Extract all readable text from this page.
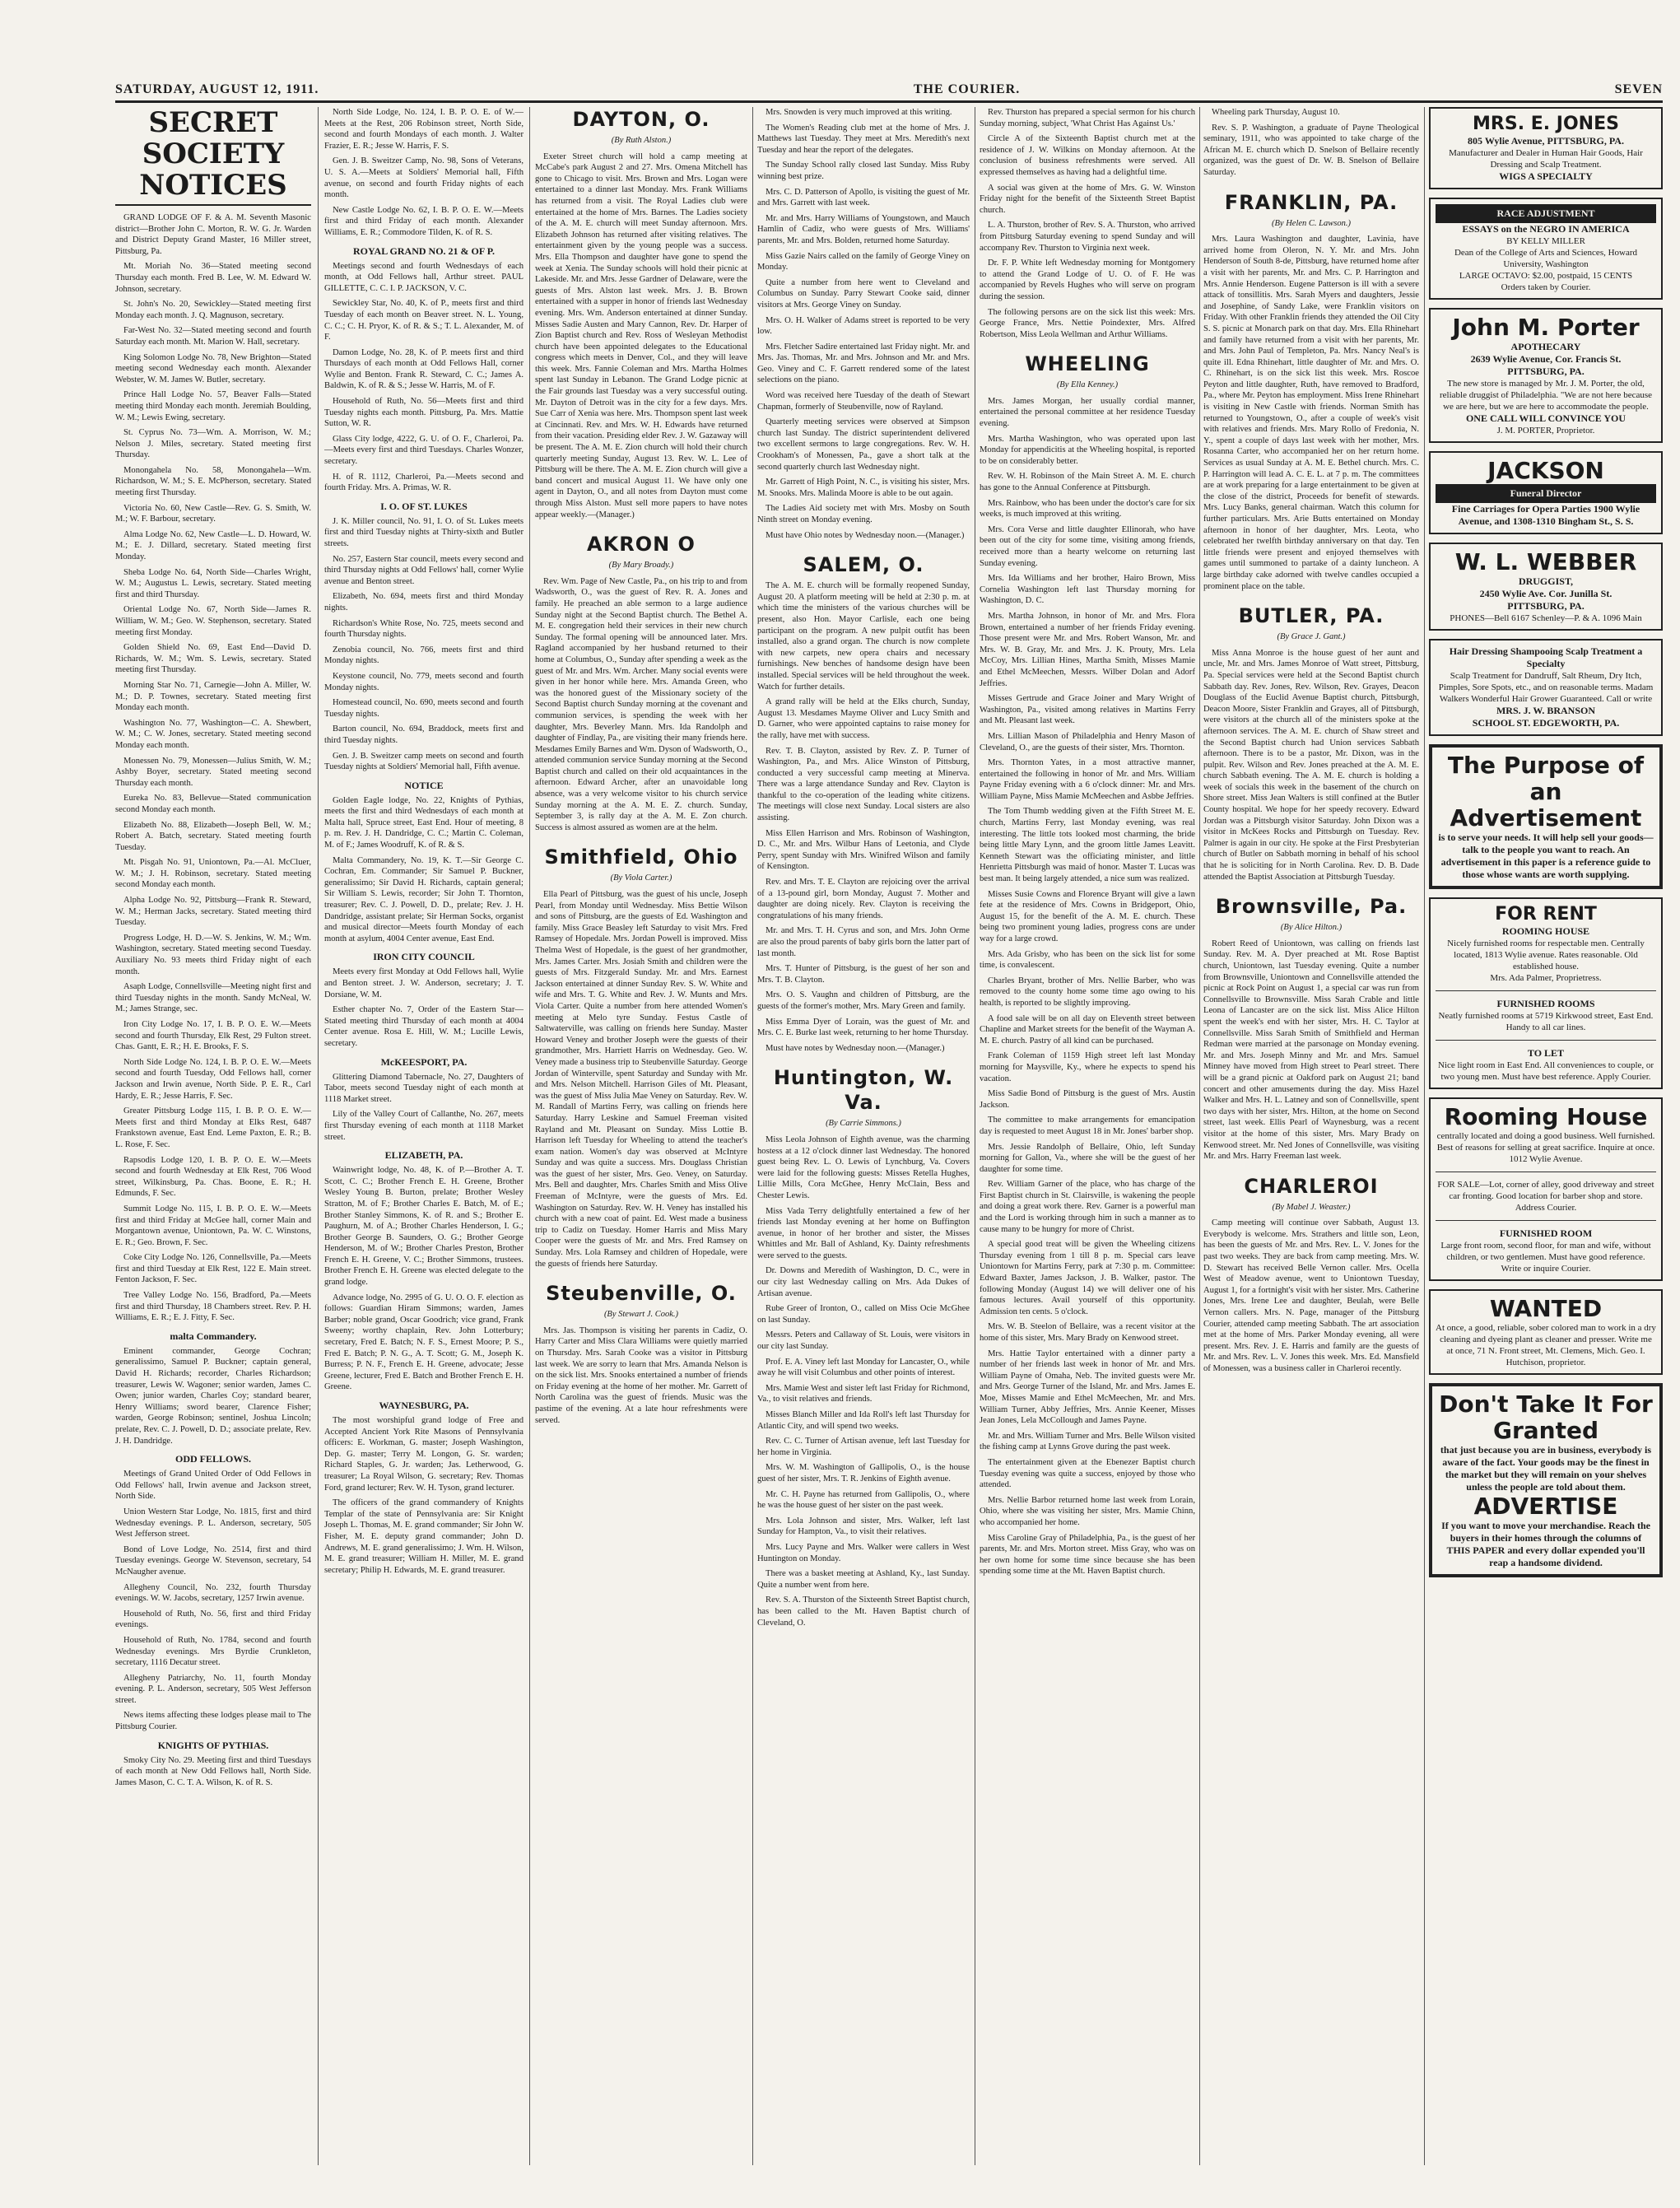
SATURDAY, AUGUST 12, 1911.	THE COURIER.	SEVEN
SECRET SOCIETY NOTICES

GRAND LODGE OF F. & A. M. Seventh Masonic district—Brother John C. Morton, R. W. G. Jr. Warden and District Deputy Grand Master, 16 Miller street, Pittsburg, Pa.

Mt. Moriah No. 36—Stated meeting second Thursday each month. Fred B. Lee, W. M. Edward W. Johnson, secretary.

St. John's No. 20, Sewickley—Stated meeting first Monday each month. J. Q. Magnuson, secretary.

Far-West No. 32—Stated meeting second and fourth Saturday each month. Mt. Marion W. Hall, secretary.

King Solomon Lodge No. 78, New Brighton—Stated meeting second Wednesday each month. Alexander Webster, W. M. James W. Butler, secretary.

Prince Hall Lodge No. 57, Beaver Falls—Stated meeting third Monday each month. Jeremiah Boulding, W. M.; Lewis Ewing, secretary.

St. Cyprus No. 73—Wm. A. Morrison, W. M.; Nelson J. Miles, secretary. Stated meeting first Thursday.

Monongahela No. 58, Monongahela—Wm. Richardson, W. M.; S. E. McPherson, secretary. Stated meeting first Thursday.

Victoria No. 60, New Castle—Rev. G. S. Smith, W. M.; W. F. Barbour, secretary.

Alma Lodge No. 62, New Castle—L. D. Howard, W. M.; E. J. Dillard, secretary. Stated meeting first Monday.

Sheba Lodge No. 64, North Side—Charles Wright, W. M.; Augustus L. Lewis, secretary. Stated meeting first and third Thursday.

Oriental Lodge No. 67, North Side—James R. William, W. M.; Geo. W. Stephenson, secretary. Stated meeting first Monday.

Golden Shield No. 69, East End—David D. Richards, W. M.; Wm. S. Lewis, secretary. Stated meeting first Thursday.

Morning Star No. 71, Carnegie—John A. Miller, W. M.; D. P. Townes, secretary. Stated meeting first Monday each month.

Washington No. 77, Washington—C. A. Shewbert, W. M.; C. W. Jones, secretary. Stated meeting second Monday each month.

Monessen No. 79, Monessen—Julius Smith, W. M.; Ashby Boyer, secretary. Stated meeting second Thursday each month.

Eureka No. 83, Bellevue—Stated communication second Monday each month.

Elizabeth No. 88, Elizabeth—Joseph Bell, W. M.; Robert A. Batch, secretary. Stated meeting fourth Tuesday.

Mt. Pisgah No. 91, Uniontown, Pa.—Al. McCluer, W. M.; J. H. Robinson, secretary. Stated meeting second Monday each month.

Alpha Lodge No. 92, Pittsburg—Frank R. Steward, W. M.; Herman Jacks, secretary. Stated meeting third Tuesday.

Progress Lodge, H. D.—W. S. Jenkins, W. M.; Wm. Washington, secretary. Stated meeting second Tuesday. Auxiliary No. 93 meets third Friday night of each month.

Asaph Lodge, Connellsville—Meeting night first and third Tuesday nights in the month. Sandy McNeal, W. M.; James Strange, sec.

Iron City Lodge No. 17, I. B. P. O. E. W.—Meets second and fourth Thursday, Elk Rest, 29 Fulton street. Chas. Gantt, E. R.; H. E. Brooks, F. S.

North Side Lodge No. 124, I. B. P. O. E. W.—Meets second and fourth Tuesday, Odd Fellows hall, corner Jackson and Irwin avenue, North Side. P. E. R., Carl Hardy, E. R.; Jesse Harris, F. Sec.

Greater Pittsburg Lodge 115, I. B. P. O. E. W.—Meets first and third Monday at Elks Rest, 6487 Frankstown avenue, East End. Leme Paxton, E. R.; B. L. Rose, F. Sec.

Rapsodis Lodge 120, I. B. P. O. E. W.—Meets second and fourth Wednesday at Elk Rest, 706 Wood street, Wilkinsburg, Pa. Chas. Boone, E. R.; H. Edmunds, F. Sec.

Summit Lodge No. 115, I. B. P. O. E. W.—Meets first and third Friday at McGee hall, corner Main and Morgantown avenue, Uniontown, Pa. W. C. Winstons, E. R.; Geo. Brown, F. Sec.

Coke City Lodge No. 126, Connellsville, Pa.—Meets first and third Tuesday at Elk Rest, 122 E. Main street. Fenton Jackson, F. Sec.

Tree Valley Lodge No. 156, Bradford, Pa.—Meets first and third Thursday, 18 Chambers street. Rev. P. H. Williams, E. R.; E. J. Fitty, F. Sec.

malta Commandery.

Eminent commander, George Cochran; generalissimo, Samuel P. Buckner; captain general, David H. Richards; recorder, Charles Richardson; treasurer, Lewis W. Wagoner; senior warden, James C. Owen; junior warden, Charles Coy; standard bearer, Henry Williams; sword bearer, Clarence Fisher; warden, George Robinson; sentinel, Joshua Lincoln; prelate, Rev. C. J. Powell, D. D.; associate prelate, Rev. J. H. Dandridge.

ODD FELLOWS.

Meetings of Grand United Order of Odd Fellows in Odd Fellows' hall, Irwin avenue and Jackson street, North Side.

Union Western Star Lodge, No. 1815, first and third Wednesday evenings. P. L. Anderson, secretary, 505 West Jefferson street.

Bond of Love Lodge, No. 2514, first and third Tuesday evenings. George W. Stevenson, secretary, 54 McNaugher avenue.

Allegheny Council, No. 232, fourth Thursday evenings. W. W. Jacobs, secretary, 1257 Irwin avenue.

Household of Ruth, No. 56, first and third Friday evenings.

Household of Ruth, No. 1784, second and fourth Wednesday evenings. Mrs Byrdie Crunkleton, secretary, 1116 Decatur street.

Allegheny Patriarchy, No. 11, fourth Monday evening. P. L. Anderson, secretary, 505 West Jefferson street.

News items affecting these lodges please mail to The Pittsburg Courier.

KNIGHTS OF PYTHIAS.

Smoky City No. 29. Meeting first and third Tuesdays of each month at New Odd Fellows hall, North Side. James Mason, C. C. T. A. Wilson, K. of R. S.

North Side Lodge, No. 124, I. B. P. O. E. of W.—Meets at the Rest, 206 Robinson street, North Side, second and fourth Mondays of each month. J. Walter Frazier, E. R.; Jesse W. Harris, F. S.

Gen. J. B. Sweitzer Camp, No. 98, Sons of Veterans, U. S. A.—Meets at Soldiers' Memorial hall, Fifth avenue, on second and fourth Friday nights of each month.

New Castle Lodge No. 62, I. B. P. O. E. W.—Meets first and third Friday of each month. Alexander Williams, E. R.; Commodore Tilden, K. of R. S.

ROYAL GRAND NO. 21 & OF P.

Meetings second and fourth Wednesdays of each month, at Odd Fellows hall, Arthur street. PAUL GILLETTE, C. C. I. P. JACKSON, V. C.

Sewickley Star, No. 40, K. of P., meets first and third Tuesday of each month on Beaver street. N. L. Young, C. C.; C. H. Pryor, K. of R. & S.; T. L. Alexander, M. of F.

Damon Lodge, No. 28, K. of P. meets first and third Thursdays of each month at Odd Fellows Hall, corner Wylie and Benton. Frank R. Steward, C. C.; James A. Baldwin, K. of R. & S.; Jesse W. Harris, M. of F.

Household of Ruth, No. 56—Meets first and third Tuesday nights each month. Pittsburg, Pa. Mrs. Mattie Sutton, W. R.

Glass City lodge, 4222, G. U. of O. F., Charleroi, Pa.—Meets every first and third Tuesdays. Charles Wonzer, secretary.

H. of R. 1112, Charleroi, Pa.—Meets second and fourth Friday. Mrs. A. Primas, W. R.

I. O. OF ST. LUKES

J. K. Miller council, No. 91, I. O. of St. Lukes meets first and third Tuesday nights at Thirty-sixth and Butler streets.

No. 257, Eastern Star council, meets every second and third Thursday nights at Odd Fellows' hall, corner Wylie avenue and Benton street.

Elizabeth, No. 694, meets first and third Monday nights.

Richardson's White Rose, No. 725, meets second and fourth Thursday nights.

Zenobia council, No. 766, meets first and third Monday nights.

Keystone council, No. 779, meets second and fourth Monday nights.

Homestead council, No. 690, meets second and fourth Tuesday nights.

Barton council, No. 694, Braddock, meets first and third Tuesday nights.

Gen. J. B. Sweitzer camp meets on second and fourth Tuesday nights at Soldiers' Memorial hall, Fifth avenue.

NOTICE

Golden Eagle lodge, No. 22, Knights of Pythias, meets the first and third Wednesdays of each month at Malta hall, Spruce street, East End. Hour of meeting, 8 p. m. Rev. J. H. Dandridge, C. C.; Martin C. Coleman, M. of F.; James Woodruff, K. of R. & S.

Malta Commandery, No. 19, K. T.—Sir George C. Cochran, Em. Commander; Sir Samuel P. Buckner, generalissimo; Sir David H. Richards, captain general; Sir William S. Lewis, recorder; Sir John T. Thornton, treasurer; Rev. C. J. Powell, D. D., prelate; Rev. J. H. Dandridge, assistant prelate; Sir Herman Socks, organist and musical director—Meets fourth Monday of each month at asylum, 4004 Center avenue, East End.

IRON CITY COUNCIL

Meets every first Monday at Odd Fellows hall, Wylie and Benton street. J. W. Anderson, secretary; J. T. Dorsiane, W. M.

Esther chapter No. 7, Order of the Eastern Star—Stated meeting third Thursday of each month at 4004 Center avenue. Rosa E. Hill, W. M.; Lucille Lewis, secretary.

McKEESPORT, PA.

Glittering Diamond Tabernacle, No. 27, Daughters of Tabor, meets second Tuesday night of each month at 1118 Market street.

Lily of the Valley Court of Callanthe, No. 267, meets first Thursday evening of each month at 1118 Market street.

ELIZABETH, PA.

Wainwright lodge, No. 48, K. of P.—Brother A. T. Scott, C. C.; Brother French E. H. Greene, Brother Wesley Young B. Burton, prelate; Brother Wesley Stratton, M. of F.; Brother Charles E. Batch, M. of E.; Brother Stanley Simmons, K. of R. and S.; Brother E. Paughurn, M. of A.; Brother Charles Henderson, I. G.; Brother George B. Saunders, O. G.; Brother George Henderson, M. of W.; Brother Charles Preston, Brother French E. H. Greene, V. C.; Brother Simmons, trustees. Brother French E. H. Greene was elected delegate to the grand lodge.

Advance lodge, No. 2995 of G. U. O. O. F. election as follows: Guardian Hiram Simmons; warden, James Barber; noble grand, Oscar Goodrich; vice grand, Frank Sweeny; worthy chaplain, Rev. John Lotterbury; secretary, Fred E. Batch; N. F. S., Ernest Moore; P. S., Fred E. Batch; P. N. G., A. T. Scott; G. M., Joseph K. Burress; P. N. F., French E. H. Greene, advocate; Jesse Greene, lecturer, Fred E. Batch and Brother French E. H. Greene.

WAYNESBURG, PA.

The most worshipful grand lodge of Free and Accepted Ancient York Rite Masons of Pennsylvania officers: E. Workman, G. master; Joseph Washington, Dep. G. master; Terry M. Longon, G. Sr. warden; Richard Staples, G. Jr. warden; Jas. Letherwood, G. treasurer; La Royal Wilson, G. secretary; Rev. Thomas Ford, grand lecturer; Rev. W. H. Tyson, grand lecturer.

The officers of the grand commandery of Knights Templar of the state of Pennsylvania are: Sir Knight Joseph L. Thomas, M. E. grand commander; Sir John W. Fisher, M. E. deputy grand commander; John D. Andrews, M. E. grand generalissimo; J. Wm. H. Wilson, M. E. grand treasurer; William H. Miller, M. E. grand secretary; Philip H. Edwards, M. E. grand treasurer.

DAYTON, O.
(By Ruth Alston.)

Exeter Street church will hold a camp meeting at McCabe's park August 2 and 27. Mrs. Omena Mitchell has gone to Chicago to visit. Mrs. Brown and Mrs. Logan were entertained to a dinner last Monday. Mrs. Frank Williams has returned from a visit. The Royal Ladies club were entertained at the home of Mrs. Barnes. The Ladies society of the A. M. E. church will meet Sunday afternoon. Mrs. Elizabeth Johnson has returned after visiting relatives. The entertainment given by the young people was a success. Mrs. Ella Thompson and daughter have gone to spend the week at Xenia. The Sunday schools will hold their picnic at Lakeside. Mr. and Mrs. Jesse Gardner of Delaware, were the guests of Mrs. Alston last week. Mrs. J. B. Brown entertained with a supper in honor of friends last Wednesday evening. Mrs. Wm. Anderson entertained at dinner Sunday. Misses Sadie Austen and Mary Cannon, Rev. Dr. Harper of Zion Baptist church and Rev. Ross of Wesleyan Methodist church have been appointed delegates to the Educational congress which meets in Denver, Col., and they will leave this week. Mrs. Fannie Coleman and Mrs. Martha Holmes spent last Sunday in Lebanon. The Grand Lodge picnic at the Fair grounds last Tuesday was a very successful outing. Mr. Dayton of Detroit was in the city for a few days. Mrs. Sue Carr of Xenia was here. Mrs. Thompson spent last week at Cincinnati. Rev. and Mrs. W. H. Edwards have returned from their vacation. Presiding elder Rev. J. W. Gazaway will be present. The A. M. E. Zion church will hold their church quarterly meeting Sunday, August 13. Rev. W. L. Lee of Pittsburg will be there. The A. M. E. Zion church will give a band concert and musical August 11. We have only one agent in Dayton, O., and all notes from Dayton must come through Miss Alston. Must sell more papers to have notes appear weekly.—(Manager.)

AKRON O
(By Mary Broady.)

Rev. Wm. Page of New Castle, Pa., on his trip to and from Wadsworth, O., was the guest of Rev. R. A. Jones and family. He preached an able sermon to a large audience Sunday night at the Second Baptist church. The Bethel A. M. E. congregation held their services in their new church Sunday. The formal opening will be announced later. Mrs. Ragland accompanied by her husband returned to their home at Columbus, O., Sunday after spending a week as the guest of Mr. and Mrs. Wm. Archer. Many social events were given in her honor while here. Mrs. Amanda Green, who was the honored guest of the Missionary society of the Second Baptist church Sunday morning at the covenant and communion services, is spending the week with her daughter, Mrs. Beverley Mann. Mrs. Ida Randolph and daughter of Findlay, Pa., are visiting their many friends here. Mesdames Emily Barnes and Wm. Dyson of Wadsworth, O., attended communion service Sunday morning at the Second Baptist church and called on their old acquaintances in the afternoon. Edward Archer, after an unavoidable long absence, was a very welcome visitor to his church service Sunday morning at the A. M. E. Z. church. Sunday, September 3, is rally day at the A. M. E. Zon church. Success is almost assured as women are at the helm.

Smithfield, Ohio
(By Viola Carter.)

Ella Pearl of Pittsburg, was the guest of his uncle, Joseph Pearl, from Monday until Wednesday. Miss Bettie Wilson and sons of Pittsburg, are the guests of Ed. Washington and family. Miss Grace Beasley left Saturday to visit Mrs. Fred Ramsey of Hopedale. Mrs. Jordan Powell is improved. Miss Thelma West of Hopedale, is the guest of her grandmother, Mrs. James Carter. Mrs. Josiah Smith and children were the guests of Mrs. Fitzgerald Sunday. Mr. and Mrs. Earnest Jackson entertained at dinner Sunday Rev. S. W. White and wife and Mrs. T. G. White and Rev. J. W. Munts and Mrs. Viola Carter. Quite a number from here attended Women's meeting at Melo tyre Sunday. Festus Castle of Saltwaterville, was calling on friends here Sunday. Master Howard Veney and brother Joseph were the guests of their grandmother, Mrs. Harriett Harris on Wednesday. Geo. W. Veney made a business trip to Steubenville Saturday. George Jordan of Winterville, spent Saturday and Sunday with Mr. and Mrs. Nelson Mitchell. Harrison Giles of Mt. Pleasant, was the guest of Miss Julia Mae Veney on Saturday. Rev. W. M. Randall of Martins Ferry, was calling on friends here Saturday. Harry Leskine and Samuel Freeman visited Rayland and Mt. Pleasant on Sunday. Miss Lottie B. Harrison left Tuesday for Wheeling to attend the teacher's exam nation. Women's day was observed at McIntyre Sunday and was quite a success. Mrs. Douglass Christian was the guest of her sister, Mrs. Geo. Veney, on Saturday. Mrs. Bell and daughter, Mrs. Charles Smith and Miss Olive Freeman of McIntyre, were the guests of Mrs. Ed. Washington on Saturday. Rev. W. H. Veney has installed his church with a new coat of paint. Ed. West made a business trip to Cadiz on Tuesday. Homer Harris and Miss Mary Cooper were the guests of Mr. and Mrs. Fred Ramsey on Sunday. Mrs. Lola Ramsey and children of Hopedale, were the guests of friends here Saturday.

Steubenville, O.
(By Stewart J. Cook.)

Mrs. Jas. Thompson is visiting her parents in Cadiz, O. Harry Carter and Miss Clara Williams were quietly married on Thursday. Mrs. Sarah Cooke was a visitor in Pittsburg last week. We are sorry to learn that Mrs. Amanda Nelson is on the sick list. Mrs. Snooks entertained a number of friends on Friday evening at the home of her mother. Mr. Garrett of North Carolina was the guest of friends. Music was the pastime of the evening. At a late hour refreshments were served.

Mrs. Snowden is very much improved at this writing.

The Women's Reading club met at the home of Mrs. J. Matthews last Tuesday. They meet at Mrs. Meredith's next Tuesday and hear the report of the delegates.

The Sunday School rally closed last Sunday. Miss Ruby winning best prize.

Mrs. C. D. Patterson of Apollo, is visiting the guest of Mr. and Mrs. Garrett with last week.

Mr. and Mrs. Harry Williams of Youngstown, and Mauch Hamlin of Cadiz, who were guests of Mrs. Williams' parents, Mr. and Mrs. Bolden, returned home Saturday.

Miss Gazie Nairs called on the family of George Viney on Monday.

Quite a number from here went to Cleveland and Columbus on Sunday. Parry Stewart Cooke said, dinner visitors at Mrs. George Viney on Sunday.

Mrs. O. H. Walker of Adams street is reported to be very low.

Mrs. Fletcher Sadire entertained last Friday night. Mr. and Mrs. Jas. Thomas, Mr. and Mrs. Johnson and Mr. and Mrs. Geo. Viney and C. F. Garrett rendered some of the latest selections on the piano.

Word was received here Tuesday of the death of Stewart Chapman, formerly of Steubenville, now of Rayland.

Quarterly meeting services were observed at Simpson church last Sunday. The district superintendent delivered two excellent sermons to large congregations. Rev. W. H. Crookham's of Monessen, Pa., gave a short talk at the second quarterly church last Wednesday night.

Mr. Garrett of High Point, N. C., is visiting his sister, Mrs. M. Snooks. Mrs. Malinda Moore is able to be out again.

The Ladies Aid society met with Mrs. Mosby on South Ninth street on Monday evening.

Must have Ohio notes by Wednesday noon.—(Manager.)

SALEM, O.

The A. M. E. church will be formally reopened Sunday, August 20. A platform meeting will be held at 2:30 p. m. at which time the ministers of the various churches will be present, also Hon. Mayor Carlisle, each one being participant on the program. A new pulpit outfit has been installed, also a grand organ. The church is now complete with new carpets, new opera chairs and necessary furnishings. New benches of handsome design have been installed. Special services will be held throughout the week. Watch for further details.

A grand rally will be held at the Elks church, Sunday, August 13. Mesdames Mayme Oliver and Lucy Smith and D. Garner, who were appointed captains to raise money for the rally, have met with success.

Rev. T. B. Clayton, assisted by Rev. Z. P. Turner of Washington, Pa., and Mrs. Alice Winston of Pittsburg, conducted a very successful camp meeting at Minerva. There was a large attendance Sunday and Rev. Clayton is thankful to the co-operation of the leading white citizens. The meetings will close next Sunday. Local sisters are also assisting.

Miss Ellen Harrison and Mrs. Robinson of Washington, D. C., Mr. and Mrs. Wilbur Hans of Leetonia, and Clyde Perry, spent Sunday with Mrs. Winifred Wilson and family of Kensington.

Rev. and Mrs. T. E. Clayton are rejoicing over the arrival of a 13-pound girl, born Monday, August 7. Mother and daughter are doing nicely. Rev. Clayton is receiving the congratulations of his many friends.

Mr. and Mrs. T. H. Cyrus and son, and Mrs. John Orme are also the proud parents of baby girls born the latter part of last month.

Mrs. T. Hunter of Pittsburg, is the guest of her son and Mrs. T. B. Clayton.

Mrs. O. S. Vaughn and children of Pittsburg, are the guests of the former's mother, Mrs. Mary Green and family.

Miss Emma Dyer of Lorain, was the guest of Mr. and Mrs. C. E. Burke last week, returning to her home Thursday.

Must have notes by Wednesday noon.—(Manager.)

Huntington, W. Va.
(By Carrie Simmons.)

Miss Leola Johnson of Eighth avenue, was the charming hostess at a 12 o'clock dinner last Wednesday. The honored guest being Rev. L. O. Lewis of Lynchburg, Va. Covers were laid for the following guests: Misses Retella Hughes, Lillie Mills, Cora McGhee, Henry McClain, Bess and Chester Lewis.

Miss Vada Terry delightfully entertained a few of her friends last Monday evening at her home on Buffington avenue, in honor of her brother and sister, the Misses Whittles and Mr. Ball of Ashland, Ky. Dainty refreshments were served to the guests.

Dr. Downs and Meredith of Washington, D. C., were in our city last Wednesday calling on Mrs. Ada Dukes of Artisan avenue.

Rube Greer of Ironton, O., called on Miss Ocie McGhee on last Sunday.

Messrs. Peters and Callaway of St. Louis, were visitors in our city last Sunday.

Prof. E. A. Viney left last Monday for Lancaster, O., while away he will visit Columbus and other points of interest.

Mrs. Mamie West and sister left last Friday for Richmond, Va., to visit relatives and friends.

Misses Blanch Miller and Ida Roll's left last Thursday for Atlantic City, and will spend two weeks.

Rev. C. C. Turner of Artisan avenue, left last Tuesday for her home in Virginia.

Mrs. W. M. Washington of Gallipolis, O., is the house guest of her sister, Mrs. T. R. Jenkins of Eighth avenue.

Mr. C. H. Payne has returned from Gallipolis, O., where he was the house guest of her sister on the past week.

Mrs. Lola Johnson and sister, Mrs. Walker, left last Sunday for Hampton, Va., to visit their relatives.

Mrs. Lucy Payne and Mrs. Walker were callers in West Huntington on Monday.

There was a basket meeting at Ashland, Ky., last Sunday. Quite a number went from here.

Rev. S. A. Thurston of the Sixteenth Street Baptist church, has been called to the Mt. Haven Baptist church of Cleveland, O.

Rev. Thurston has prepared a special sermon for his church Sunday morning, subject, 'What Christ Has Against Us.'

Circle A of the Sixteenth Baptist church met at the residence of J. W. Wilkins on Monday afternoon. At the conclusion of business refreshments were served. All expressed themselves as having had a delightful time.

A social was given at the home of Mrs. G. W. Winston Friday night for the benefit of the Sixteenth Street Baptist church.

L. A. Thurston, brother of Rev. S. A. Thurston, who arrived from Pittsburg Saturday evening to spend Sunday and will accompany Rev. Thurston to Virginia next week.

Dr. F. P. White left Wednesday morning for Montgomery to attend the Grand Lodge of U. O. of F. He was accompanied by Revels Hughes who will serve on program during the session.

The following persons are on the sick list this week: Mrs. George France, Mrs. Nettie Poindexter, Mrs. Alfred Robertson, Miss Leola Wellman and Arthur Williams.

WHEELING
(By Ella Kenney.)

Mrs. James Morgan, her usually cordial manner, entertained the personal committee at her residence Tuesday evening.

Mrs. Martha Washington, who was operated upon last Monday for appendicitis at the Wheeling hospital, is reported to be on considerably better.

Rev. W. H. Robinson of the Main Street A. M. E. church has gone to the Annual Conference at Pittsburgh.

Mrs. Rainbow, who has been under the doctor's care for six weeks, is much improved at this writing.

Mrs. Cora Verse and little daughter Ellinorah, who have been out of the city for some time, visiting among friends, received more than a hearty welcome on returning last Sunday evening.

Mrs. Ida Williams and her brother, Hairo Brown, Miss Cornelia Washington left last Thursday morning for Washington, D. C.

Mrs. Martha Johnson, in honor of Mr. and Mrs. Flora Brown, entertained a number of her friends Friday evening. Those present were Mr. and Mrs. Robert Wanson, Mr. and Mrs. W. B. Gray, Mr. and Mrs. J. K. Prouty, Mrs. Lela McCoy, Mrs. Lillian Hines, Martha Smith, Misses Mamie and Ethel McMeechen, Messrs. Wilber Dolan and Adorf Jeffries.

Misses Gertrude and Grace Joiner and Mary Wright of Washington, Pa., visited among relatives in Martins Ferry and Mt. Pleasant last week.

Mrs. Lillian Mason of Philadelphia and Henry Mason of Cleveland, O., are the guests of their sister, Mrs. Thornton.

Mrs. Thornton Yates, in a most attractive manner, entertained the following in honor of Mr. and Mrs. William Payne Friday evening with a 6 o'clock dinner: Mr. and Mrs. William Payne, Miss Mamie McMeechen and Asbbe Jeffries.

The Tom Thumb wedding given at the Fifth Street M. E. church, Martins Ferry, last Monday evening, was real interesting. The little tots looked most charming, the bride being little Mary Lynn, and the groom little James Leavitt. Kenneth Stewart was the officiating minister, and little Henrietta Pittsburgh was maid of honor. Master T. Lucas was best man. It being largely attended, a nice sum was realized.

Misses Susie Cowns and Florence Bryant will give a lawn fete at the residence of Mrs. Cowns in Bridgeport, Ohio, August 15, for the benefit of the A. M. E. church. These being two prominent young ladies, progress cons are under way for a large crowd.

Mrs. Ada Grisby, who has been on the sick list for some time, is convalescent.

Charles Bryant, brother of Mrs. Nellie Barber, who was removed to the county home some time ago owing to his health, is reported to be slightly improving.

A food sale will be on all day on Eleventh street between Chapline and Market streets for the benefit of the Wayman A. M. E. church. Pastry of all kind can be purchased.

Frank Coleman of 1159 High street left last Monday morning for Maysville, Ky., where he expects to spend his vacation.

Miss Sadie Bond of Pittsburg is the guest of Mrs. Austin Jackson.

The committee to make arrangements for emancipation day is requested to meet August 18 in Mr. Jones' barber shop.

Mrs. Jessie Randolph of Bellaire, Ohio, left Sunday morning for Gallon, Va., where she will be the guest of her daughter for some time.

Rev. William Garner of the place, who has charge of the First Baptist church in St. Clairsville, is wakening the people and doing a great work there. Rev. Garner is a powerful man and the Lord is working through him in such a manner as to cause many to be hungry for more of Christ.

A special good treat will be given the Wheeling citizens Thursday evening from 1 till 8 p. m. Special cars leave Uniontown for Martins Ferry, park at 7:30 p. m. Committee: Edward Baxter, James Jackson, J. B. Walker, pastor. The following Monday (August 14) we will deliver one of his famous lectures. Avail yourself of this opportunity. Admission ten cents. 5 o'clock.

Mrs. W. B. Steelon of Bellaire, was a recent visitor at the home of this sister, Mrs. Mary Brady on Kenwood street.

Mrs. Hattie Taylor entertained with a dinner party a number of her friends last week in honor of Mr. and Mrs. William Payne of Omaha, Neb. The invited guests were Mr. and Mrs. George Turner of the Island, Mr. and Mrs. James E. Moe, Misses Mamie and Ethel McMeechen, Mr. and Mrs. William Turner, Abby Jeffries, Mrs. Annie Keener, Misses Jean Jones, Lela McCollough and James Payne.

Mr. and Mrs. William Turner and Mrs. Belle Wilson visited the fishing camp at Lynns Grove during the past week.

The entertainment given at the Ebenezer Baptist church Tuesday evening was quite a success, enjoyed by those who attended.

Mrs. Nellie Barbor returned home last week from Lorain, Ohio, where she was visiting her sister, Mrs. Mamie Chinn, who accompanied her home.

Miss Caroline Gray of Philadelphia, Pa., is the guest of her parents, Mr. and Mrs. Morton street. Miss Gray, who was on her own home for some time since because she has been spending some time at the Mt. Haven Baptist church.

Wheeling park Thursday, August 10.

Rev. S. P. Washington, a graduate of Payne Theological seminary, 1911, who was appointed to take charge of the African M. E. church which D. Snelson of Bellaire recently organized, was the guest of Dr. W. B. Snelson of Bellaire Saturday.

FRANKLIN, PA.
(By Helen C. Lawson.)

Mrs. Laura Washington and daughter, Lavinia, have arrived home from Oleron, N. Y. Mr. and Mrs. John Henderson of South 8-de, Pittsburg, have returned home after a visit with her parents, Mr. and Mrs. C. P. Harrington and Mrs. Annie Henderson. Eugene Patterson is ill with a severe attack of tonsillitis. Mrs. Sarah Myers and daughters, Jessie and Josephine, of Sandy Lake, were Franklin visitors on Friday. With other Franklin friends they attended the Oil City S. S. picnic at Monarch park on that day. Mrs. Ella Rhinehart and family have returned from a visit with her parents, Mr. and Mrs. John Paul of Templeton, Pa. Mrs. Nancy Neal's is quite ill. Edna Rhinehart, little daughter of Mr. and Mrs. O. C. Rhinehart, is on the sick list this week. Mrs. Roscoe Peyton and little daughter, Ruth, have removed to Bradford, Pa., where Mr. Peyton has employment. Miss Irene Rhinehart is visiting in New Castle with friends. Norman Smith has returned to Youngstown, O., after a couple of week's visit with relatives and friends. Mrs. Mary Rollo of Fredonia, N. Y., spent a couple of days last week with her mother, Mrs. Rosanna Carter, who accompanied her on her return home. Services as usual Sunday at A. M. E. Bethel church. Mrs. C. P. Harrington will lead A. C. E. L. at 7 p. m. The committees are at work preparing for a large entertainment to be given at the close of the district, Proceeds for benefit of stewards. Mrs. Lucy Banks, general chairman. Watch this column for further particulars. Mrs. Arie Butts entertained on Monday afternoon in honor of her daughter, Mrs. Leota, who celebrated her twelfth birthday anniversary on that day. Ten little friends were present and enjoyed themselves with games until summoned to partake of a dainty luncheon. A large birthday cake adorned with twelve candles occupied a prominent place on the table.

BUTLER, PA.
(By Grace J. Gant.)

Miss Anna Monroe is the house guest of her aunt and uncle, Mr. and Mrs. James Monroe of Watt street, Pittsburg, Pa. Special services were held at the Second Baptist church Sabbath day. Rev. Jones, Rev. Wilson, Rev. Grayes, Deacon Douglass of the Euclid Avenue Baptist church, Pittsburgh, Deacon Moore, Sister Franklin and Grayes, all of Pittsburgh, were visitors at the church all of the ministers spoke at the afternoon services. The A. M. E. church of Shaw street and the Second Baptist church had Union services Sabbath afternoon. There is to be a pastor, Mr. Dixon, was in the pulpit. Rev. Wilson and Rev. Jones preached at the A. M. E. church Sabbath evening. The A. M. E. church is holding a week of socials this week in the basement of the church on Shore street. Miss Jean Walters is still confined at the Butler County hospital. We hope for her speedy recovery. Edward Jordan was a Pittsburgh visitor Saturday. John Dixon was a visitor in McKees Rocks and Pittsburgh on Tuesday. Rev. Palmer is again in our city. He spoke at the First Presbyterian church of Butler on Sabbath morning in behalf of his school that he is soliciting for in North Carolina. Rev. D. B. Dade attended the Baptist Association at Pittsburgh Tuesday.

Brownsville, Pa.
(By Alice Hilton.)

Robert Reed of Uniontown, was calling on friends last Sunday. Rev. M. A. Dyer preached at Mt. Rose Baptist church, Uniontown, last Tuesday evening. Quite a number from Brownsville, Uniontown and Connellsville attended the picnic at Rock Point on August 1, a special car was run from Connellsville to Brownsville. Miss Sarah Crable and little Leona of Lancaster are on the sick list. Miss Alice Hilton spent the week's end with her sister, Mrs. H. C. Taylor at Connellsville. Miss Sarah Smith of Smithfield and Herman Redman were married at the parsonage on Monday evening. Mr. and Mrs. Joseph Minny and Mr. and Mrs. Samuel Minney have moved from High street to Pearl street. There will be a grand picnic at Oakford park on August 21; band concert and other amusements during the day. Miss Hazel Walker and Mrs. H. L. Latney and son of Connellsville, spent two days with her sister, Mrs. Hilton, at the home on Second street, last week. Ellis Pearl of Waynesburg, was a recent visitor at the home of this sister, Mrs. Mary Brady on Kenwood street. Mr. Ned Jones of Connellsville, was visiting Mr. and Mrs. Harry Freeman last week.

CHARLEROI
(By Mabel J. Weaster.)

Camp meeting will continue over Sabbath, August 13. Everybody is welcome. Mrs. Strathers and little son, Leon, has been the guests of Mr. and Mrs. Rev. L. V. Jones for the past two weeks. They are back from camp meeting. Mrs. W. D. Stewart has received Belle Vernon caller. Mrs. Ocella West of Meadow avenue, went to Uniontown Tuesday, August 1, for a fortnight's visit with her sister. Mrs. Catherine Jones, Mrs. Irene Lee and daughter, Beulah, were Belle Vernon callers. Mrs. N. Page, manager of the Pittsburg Courier, attended camp meeting Sabbath. The art association met at the home of Mrs. Parker Monday evening, all were present. Mrs. Rev. J. E. Harris and family are the guests of Mr. and Mrs. Rev. L. V. Jones this week. Mrs. Ed. Mansfield of Monessen, was a business caller in Charleroi recently.

MRS. E. JONES
805 Wylie Avenue, PITTSBURG, PA.
Manufacturer and Dealer in Human Hair Goods, Hair Dressing and Scalp Treatment.
WIGS A SPECIALTY
RACE ADJUSTMENT
ESSAYS on the NEGRO IN AMERICA
BY KELLY MILLER
Dean of the College of Arts and Sciences, Howard University, Washington
LARGE OCTAVO: $2.00, postpaid, 15 CENTS
Orders taken by Courier.
John M. Porter
APOTHECARY
2639 Wylie Avenue, Cor. Francis St.
PITTSBURG, PA.
The new store is managed by Mr. J. M. Porter, the old, reliable druggist of Philadelphia. "We are not here because we are here, but we are here to accommodate the people.
ONE CALL WILL CONVINCE YOU
J. M. PORTER, Proprietor.
JACKSON
Funeral Director
Fine Carriages for Opera Parties 1900 Wylie Avenue, and 1308-1310 Bingham St., S. S.
W. L. WEBBER
DRUGGIST,
2450 Wylie Ave. Cor. Junilla St.
PITTSBURG, PA.
PHONES—Bell 6167 Schenley—P. & A. 1096 Main
Hair Dressing Shampooing Scalp Treatment a Specialty
Scalp Treatment for Dandruff, Salt Rheum, Dry Itch, Pimples, Sore Spots, etc., and on reasonable terms. Madam Walkers Wonderful Hair Grower Guaranteed. Call or write
MRS. J. W. BRANSON
SCHOOL ST. EDGEWORTH, PA.
The Purpose of an Advertisement
is to serve your needs. It will help sell your goods—talk to the people you want to reach. An advertisement in this paper is a reference guide to those whose wants are worth supplying.
FOR RENT
ROOMING HOUSE
Nicely furnished rooms for respectable men. Centrally located, 1813 Wylie avenue. Rates reasonable. Old established house.
Mrs. Ada Palmer, Proprietress.
FURNISHED ROOMS
Neatly furnished rooms at 5719 Kirkwood street, East End. Handy to all car lines.
TO LET
Nice light room in East End. All conveniences to couple, or two young men. Must have best reference. Apply Courier.
Rooming House
centrally located and doing a good business. Well furnished. Best of reasons for selling at great sacrifice. Inquire at once. 1012 Wylie Avenue.
FOR SALE—Lot, corner of alley, good driveway and street car fronting. Good location for barber shop and store. Address Courier.
FURNISHED ROOM
Large front room, second floor, for man and wife, without children, or two gentlemen. Must have good reference. Write or inquire Courier.
WANTED
At once, a good, reliable, sober colored man to work in a dry cleaning and dyeing plant as cleaner and presser. Write me at once, 71 N. Front street, Mt. Clemens, Mich. Geo. I. Hutchison, proprietor.
Don't Take It For Granted
that just because you are in business, everybody is aware of the fact. Your goods may be the finest in the market but they will remain on your shelves unless the people are told about them.
ADVERTISE
If you want to move your merchandise. Reach the buyers in their homes through the columns of THIS PAPER and every dollar expended you'll reap a handsome dividend.
